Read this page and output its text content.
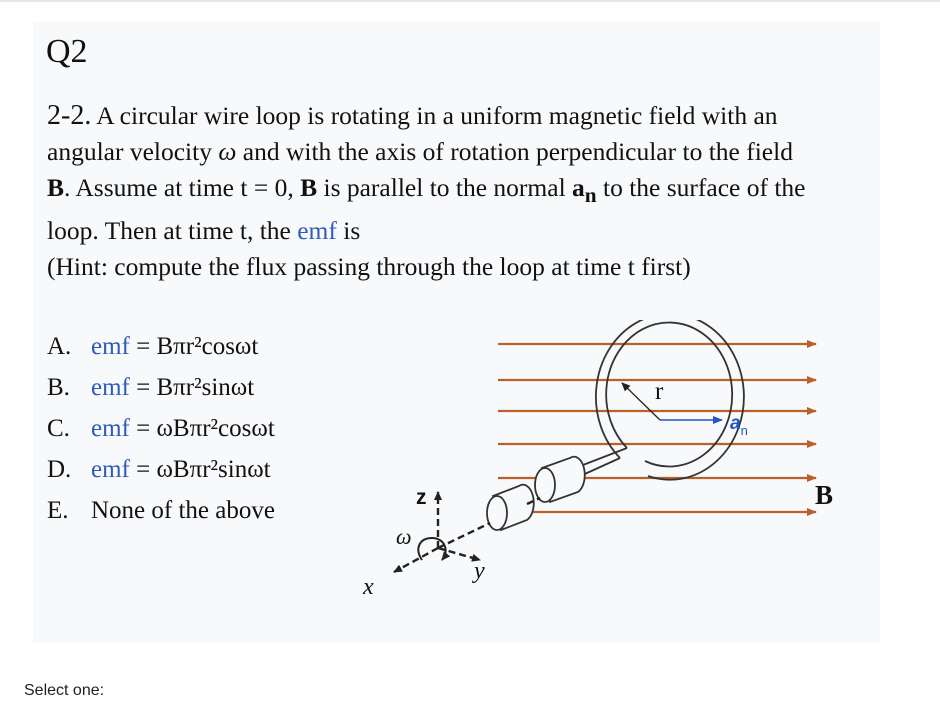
Q2
2-2. A circular wire loop is rotating in a uniform magnetic field with an angular velocity ω and with the axis of rotation perpendicular to the field B. Assume at time t = 0, B is parallel to the normal $a_n$ to the surface of the loop. Then at time t, the emf is
(Hint: compute the flux passing through the loop at time t first)
A. emf = Bπr²cosωt
B. emf = Bπr²sinωt
C. emf = ωBπr²cosωt
D. emf = ωBπr²sinωt
E. None of the above
r
$a_n$
B
z
x
y
ω
Select one:
